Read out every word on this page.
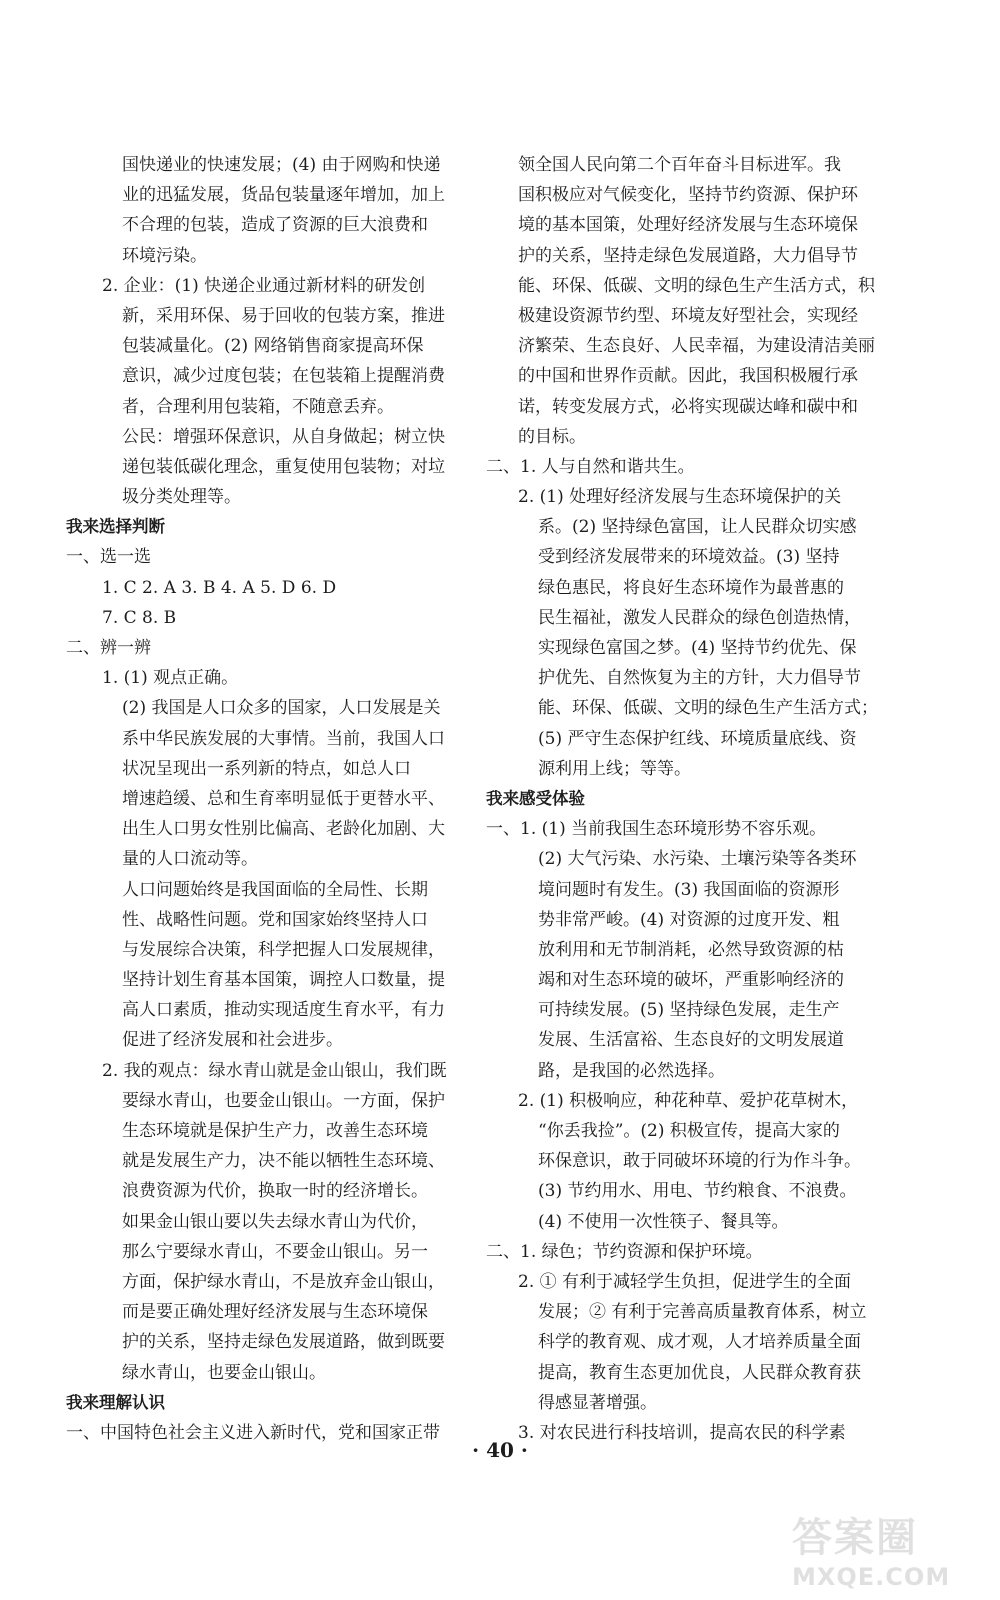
国快递业的快速发展；(4) 由于网购和快递
业的迅猛发展，货品包装量逐年增加，加上
不合理的包装，造成了资源的巨大浪费和
环境污染。
2. 企业：(1) 快递企业通过新材料的研发创
新，采用环保、易于回收的包装方案，推进
包装减量化。(2) 网络销售商家提高环保
意识，减少过度包装；在包装箱上提醒消费
者，合理利用包装箱，不随意丢弃。
公民：增强环保意识，从自身做起；树立快
递包装低碳化理念，重复使用包装物；对垃
圾分类处理等。
我来选择判断
一、选一选
1. C 2. A 3. B 4. A 5. D 6. D
7. C 8. B
二、辨一辨
1. (1) 观点正确。
(2) 我国是人口众多的国家，人口发展是关
系中华民族发展的大事情。当前，我国人口
状况呈现出一系列新的特点，如总人口
增速趋缓、总和生育率明显低于更替水平、
出生人口男女性别比偏高、老龄化加剧、大
量的人口流动等。
人口问题始终是我国面临的全局性、长期
性、战略性问题。党和国家始终坚持人口
与发展综合决策，科学把握人口发展规律，
坚持计划生育基本国策，调控人口数量，提
高人口素质，推动实现适度生育水平，有力
促进了经济发展和社会进步。
2. 我的观点：绿水青山就是金山银山，我们既
要绿水青山，也要金山银山。一方面，保护
生态环境就是保护生产力，改善生态环境
就是发展生产力，决不能以牺牲生态环境、
浪费资源为代价，换取一时的经济增长。
如果金山银山要以失去绿水青山为代价，
那么宁要绿水青山，不要金山银山。另一
方面，保护绿水青山，不是放弃金山银山，
而是要正确处理好经济发展与生态环境保
护的关系，坚持走绿色发展道路，做到既要
绿水青山，也要金山银山。
我来理解认识
一、中国特色社会主义进入新时代，党和国家正带
领全国人民向第二个百年奋斗目标进军。我
国积极应对气候变化，坚持节约资源、保护环
境的基本国策，处理好经济发展与生态环境保
护的关系，坚持走绿色发展道路，大力倡导节
能、环保、低碳、文明的绿色生产生活方式，积
极建设资源节约型、环境友好型社会，实现经
济繁荣、生态良好、人民幸福，为建设清洁美丽
的中国和世界作贡献。因此，我国积极履行承
诺，转变发展方式，必将实现碳达峰和碳中和
的目标。
二、1. 人与自然和谐共生。
2. (1) 处理好经济发展与生态环境保护的关
系。(2) 坚持绿色富国，让人民群众切实感
受到经济发展带来的环境效益。(3) 坚持
绿色惠民，将良好生态环境作为最普惠的
民生福祉，激发人民群众的绿色创造热情，
实现绿色富国之梦。(4) 坚持节约优先、保
护优先、自然恢复为主的方针，大力倡导节
能、环保、低碳、文明的绿色生产生活方式；
(5) 严守生态保护红线、环境质量底线、资
源利用上线；等等。
我来感受体验
一、1. (1) 当前我国生态环境形势不容乐观。
(2) 大气污染、水污染、土壤污染等各类环
境问题时有发生。(3) 我国面临的资源形
势非常严峻。(4) 对资源的过度开发、粗
放利用和无节制消耗，必然导致资源的枯
竭和对生态环境的破坏，严重影响经济的
可持续发展。(5) 坚持绿色发展，走生产
发展、生活富裕、生态良好的文明发展道
路，是我国的必然选择。
2. (1) 积极响应，种花种草、爱护花草树木，
“你丢我捡”。(2) 积极宣传，提高大家的
环保意识，敢于同破坏环境的行为作斗争。
(3) 节约用水、用电、节约粮食、不浪费。
(4) 不使用一次性筷子、餐具等。
二、1. 绿色；节约资源和保护环境。
2. ① 有利于减轻学生负担，促进学生的全面
发展；② 有利于完善高质量教育体系，树立
科学的教育观、成才观，人才培养质量全面
提高，教育生态更加优良，人民群众教育获
得感显著增强。
3. 对农民进行科技培训，提高农民的科学素
· 40 ·
答案圈
MXQE.COM
